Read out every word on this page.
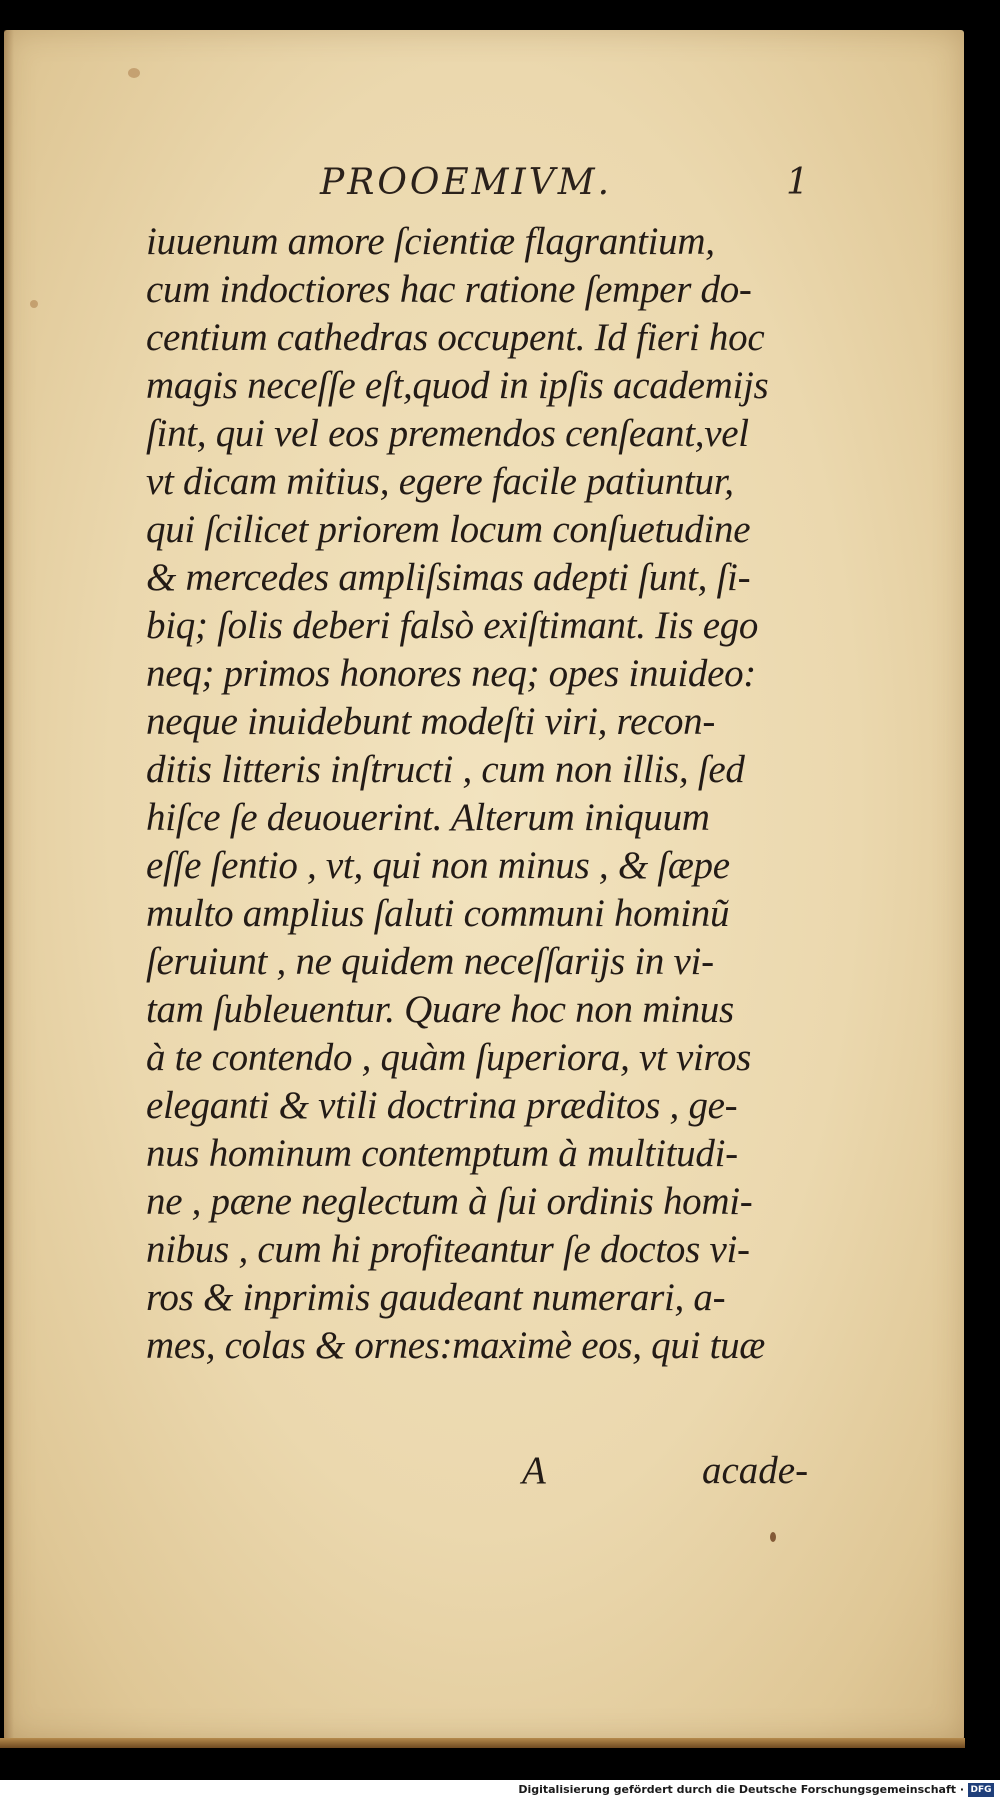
PROOEMIVM.	1
iuuenum amore ſcientiæ flagrantium,
cum indoctiores hac ratione ſemper do-
centium cathedras occupent. Id fieri hoc
magis neceſſe eſt,quod in ipſis academijs
ſint, qui vel eos premendos cenſeant,vel
vt dicam mitius, egere facile patiuntur,
qui ſcilicet priorem locum conſuetudine
& mercedes ampliſsimas adepti ſunt, ſi-
biq; ſolis deberi falsò exiſtimant. Iis ego
neq; primos honores neq; opes inuideo:
neque inuidebunt modeſti viri, recon-
ditis litteris inſtructi , cum non illis, ſed
hiſce ſe deuouerint. Alterum iniquum
eſſe ſentio , vt, qui non minus , & ſæpe
multo amplius ſaluti communi hominũ
ſeruiunt , ne quidem neceſſarijs in vi-
tam ſubleuentur. Quare hoc non minus
à te contendo , quàm ſuperiora, vt viros
eleganti & vtili doctrina præditos , ge-
nus hominum contemptum à multitudi-
ne , pæne neglectum à ſui ordinis homi-
nibus , cum hi profiteantur ſe doctos vi-
ros & inprimis gaudeant numerari, a-
mes, colas & ornes:maximè eos, qui tuæ
A	acade-
Digitalisierung gefördert durch die Deutsche Forschungsgemeinschaft · DFG
